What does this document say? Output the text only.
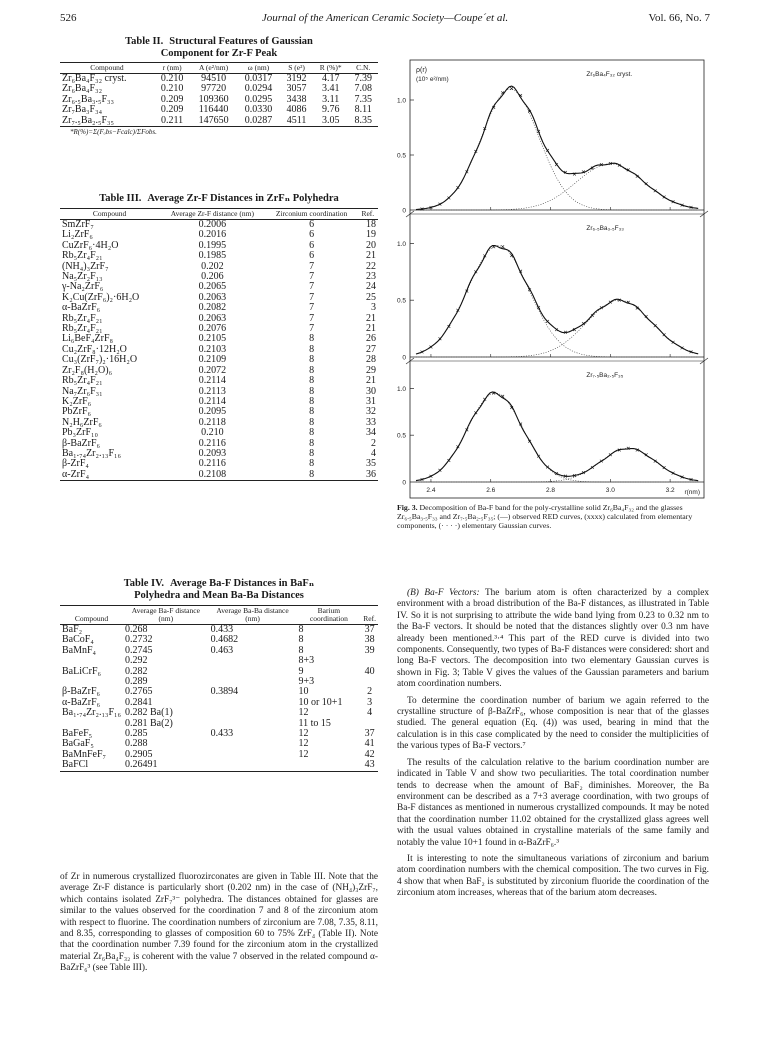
526	Journal of the American Ceramic Society—Coupe´et al.	Vol. 66, No. 7
Table II. Structural Features of Gaussian
Component for Zr-F Peak
Compound	r (nm)	A (e²/nm)	ω (nm)	S (e²)	R (%)*	C.N.
Zr₆Ba₄F₃₂ cryst.	0.210	94510	0.0317	3192	4.17	7.39
Zr₆Ba₄F₃₂	0.210	97720	0.0294	3057	3.41	7.08
Zr₆.₅Ba₃.₅F₃₃	0.209	109360	0.0295	3438	3.11	7.35
Zr₇Ba₃F₃₄	0.209	116440	0.0330	4086	9.76	8.11
Zr₇.₅Ba₂.₅F₃₅	0.211	147650	0.0287	4511	3.05	8.35
*R(%)=Σ(Fₒbs−Fcalc)/ΣFobs.
Table III. Average Zr-F Distances in ZrFₙ Polyhedra
Compound	Average Zr-F distance (nm)	Zirconium coordination	Ref.
SmZrF₇	0.2006	6	18
Li₂ZrF₆	0.2016	6	19
CuZrF₆·4H₂O	0.1995	6	20
Rb₅Zr₄F₂₁	0.1985	6	21
(NH₄)₃ZrF₇	0.202	7	22
Na₅Zr₂F₁₃	0.206	7	23
γ-Na₂ZrF₆	0.2065	7	24
K₂Cu(ZrF₆)₂·6H₂O	0.2063	7	25
α-BaZrF₆	0.2082	7	3
Rb₅Zr₄F₂₁	0.2063	7	21
Rb₅Zr₄F₂₁	0.2076	7	21
Li₆BeF₄ZrF₈	0.2105	8	26
Cu₂ZrF₈·12H₂O	0.2103	8	27
Cu₃(ZrF₇)₂·16H₂O	0.2109	8	28
Zr₂F₈(H₂O)₆	0.2072	8	29
Rb₅Zr₄F₂₁	0.2114	8	21
Na₇Zr₆F₃₁	0.2113	8	30
K₂ZrF₆	0.2114	8	31
PbZrF₆	0.2095	8	32
N₂H₆ZrF₆	0.2118	8	33
Pb₃ZrF₁₀	0.210	8	34
β-BaZrF₆	0.2116	8	2
Ba₁.₇₄Zr₂.₁₃F₁₆	0.2093	8	4
β-ZrF₄	0.2116	8	35
α-ZrF₄	0.2108	8	36
Table IV. Average Ba-F Distances in BaFₙ
Polyhedra and Mean Ba-Ba Distances
Compound	Average Ba-F distance (nm)	Average Ba-Ba distance (nm)	Barium coordination	Ref.
BaF₂	0.268	0.433	8	37
BaCoF₄	0.2732	0.4682	8	38
BaMnF₄	0.2745	0.463	8	39
	0.292		8+3	
BaLiCrF₆	0.282		9	40
	0.289		9+3	
β-BaZrF₆	0.2765	0.3894	10	2
α-BaZrF₆	0.2841		10 or 10+1	3
Ba₁.₇₄Zr₂.₁₃F₁₆	0.282 Ba(1)		12	4
	0.281 Ba(2)		11 to 15	
BaFeF₅	0.285	0.433	12	37
BaGaF₅	0.288		12	41
BaMnFeF₇	0.2905		12	42
BaFCl	0.26491			43

of Zr in numerous crystallized fluorozirconates are given in Table III. Note that the average Zr-F distance is particularly short (0.202 nm) in the case of (NH₄)₃ZrF₇, which contains isolated ZrF₇³⁻ polyhedra. The distances obtained for glasses are similar to the values observed for the coordination 7 and 8 of the zirconium atom with respect to fluorine. The coordination numbers of zirconium are 7.08, 7.35, 8.11, and 8.35, corresponding to glasses of composition 60 to 75% ZrF₄ (Table II). Note that the coordination number 7.39 found for the zirconium atom in the crystallized material Zr₆Ba₄F₃₂ is coherent with the value 7 observed in the related compound α-BaZrF₆³ (see Table III).

0.5
1.0
0
Zr₆Ba₄F₃₂ cryst.
0.5
1.0
0
Zr₆.₅Ba₃.₅F₃₃
0.5
1.0
0
Zr₇.₅Ba₂.₅F₃₅
ρ(r)
(10⁵ e²/nm)
2.4	2.6	2.8	3.0	3.2 r(nm)
Fig. 3. Decomposition of Ba-F band for the poly-crystalline solid Zr₆Ba₄F₃₂ and the glasses Zr₆.₅Ba₃.₅F₃₃ and Zr₇.₅Ba₂.₅F₃₅; (—) observed RED curves, (xxxx) calculated from elementary components, (· · · ·) elementary Gaussian curves.

(B) Ba-F Vectors: The barium atom is often characterized by a complex environment with a broad distribution of the Ba-F distances, as illustrated in Table IV. So it is not surprising to attribute the wide band lying from 0.23 to 0.32 nm to the Ba-F vectors. It should be noted that the distances slightly over 0.3 nm have already been mentioned.³·⁴ This part of the RED curve is divided into two components. Consequently, two types of Ba-F distances were considered: short and long Ba-F vectors. The decomposition into two elementary Gaussian curves is shown in Fig. 3; Table V gives the values of the Gaussian parameters and barium atom coordination numbers.

To determine the coordination number of barium we again referred to the crystalline structure of β-BaZrF₆, whose composition is near that of the glasses studied. The general equation (Eq. (4)) was used, bearing in mind that the calculation is in this case complicated by the need to consider the multiplicities of the various types of Ba-F vectors.⁷

The results of the calculation relative to the barium coordination number are indicated in Table V and show two peculiarities. The total coordination number tends to decrease when the amount of BaF₂ diminishes. Moreover, the Ba environment can be described as a 7+3 average coordination, with two groups of Ba-F distances as mentioned in numerous crystallized compounds. It may be noted that the coordination number 11.02 obtained for the crystallized glass agrees well with the usual values obtained in crystalline materials of the same family and notably the value 10+1 found in α-BaZrF₆.³

It is interesting to note the simultaneous variations of zirconium and barium atom coordination numbers with the chemical composition. The two curves in Fig. 4 show that when BaF₂ is substituted by zirconium fluoride the coordination of the zirconium atom increases, whereas that of the barium atom decreases.
